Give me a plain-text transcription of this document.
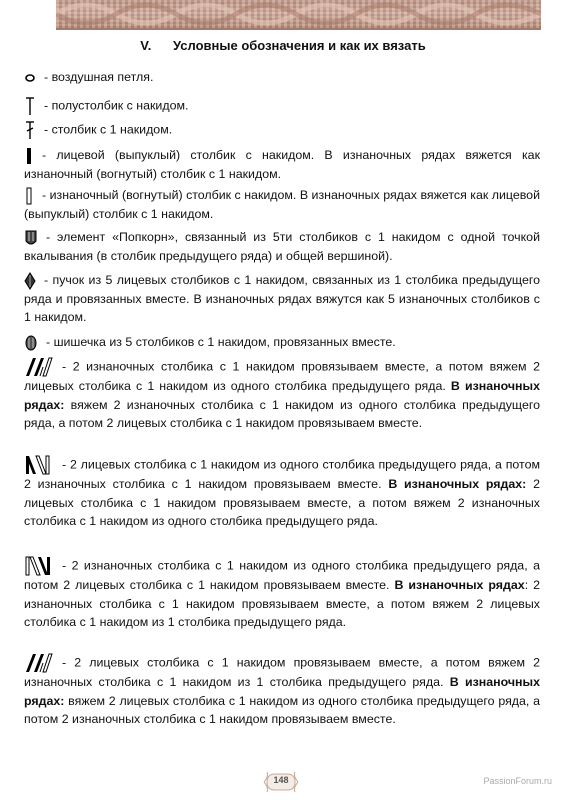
V. Условные обозначения и как их вязать
- воздушная петля.
- полустолбик с накидом.
- столбик с 1 накидом.
- лицевой (выпуклый) столбик с накидом. В изнаночных рядах вяжется как изнаночный (вогнутый) столбик с 1 накидом.
- изнаночный (вогнутый) столбик с накидом. В изнаночных рядах вяжется как лицевой (выпуклый) столбик с 1 накидом.
- элемент «Попкорн», связанный из 5ти столбиков с 1 накидом с одной точкой вкалывания (в столбик предыдущего ряда) и общей вершиной).
- пучок из 5 лицевых столбиков с 1 накидом, связанных из 1 столбика предыдущего ряда и провязанных вместе. В изнаночных рядах вяжутся как 5 изнаночных столбиков с 1 накидом.
- шишечка из 5 столбиков с 1 накидом, провязанных вместе.
- 2 изнаночных столбика с 1 накидом провязываем вместе, а потом вяжем 2 лицевых столбика с 1 накидом из одного столбика предыдущего ряда. В изнаночных рядах: вяжем 2 изнаночных столбика с 1 накидом из одного столбика предыдущего ряда, а потом 2 лицевых столбика с 1 накидом провязываем вместе.
- 2 лицевых столбика с 1 накидом из одного столбика предыдущего ряда, а потом 2 изнаночных столбика с 1 накидом провязываем вместе. В изнаночных рядах: 2 лицевых столбика с 1 накидом провязываем вместе, а потом вяжем 2 изнаночных столбика с 1 накидом из одного столбика предыдущего ряда.
- 2 изнаночных столбика с 1 накидом из одного столбика предыдущего ряда, а потом 2 лицевых столбика с 1 накидом провязываем вместе. В изнаночных рядах: 2 изнаночных столбика с 1 накидом провязываем вместе, а потом вяжем 2 лицевых столбика с 1 накидом из 1 столбика предыдущего ряда.
- 2 лицевых столбика с 1 накидом провязываем вместе, а потом вяжем 2 изнаночных столбика с 1 накидом из 1 столбика предыдущего ряда. В изнаночных рядах: вяжем 2 лицевых столбика с 1 накидом из одного столбика предыдущего ряда, а потом 2 изнаночных столбика с 1 накидом провязываем вместе.
148	PassionForum.ru
